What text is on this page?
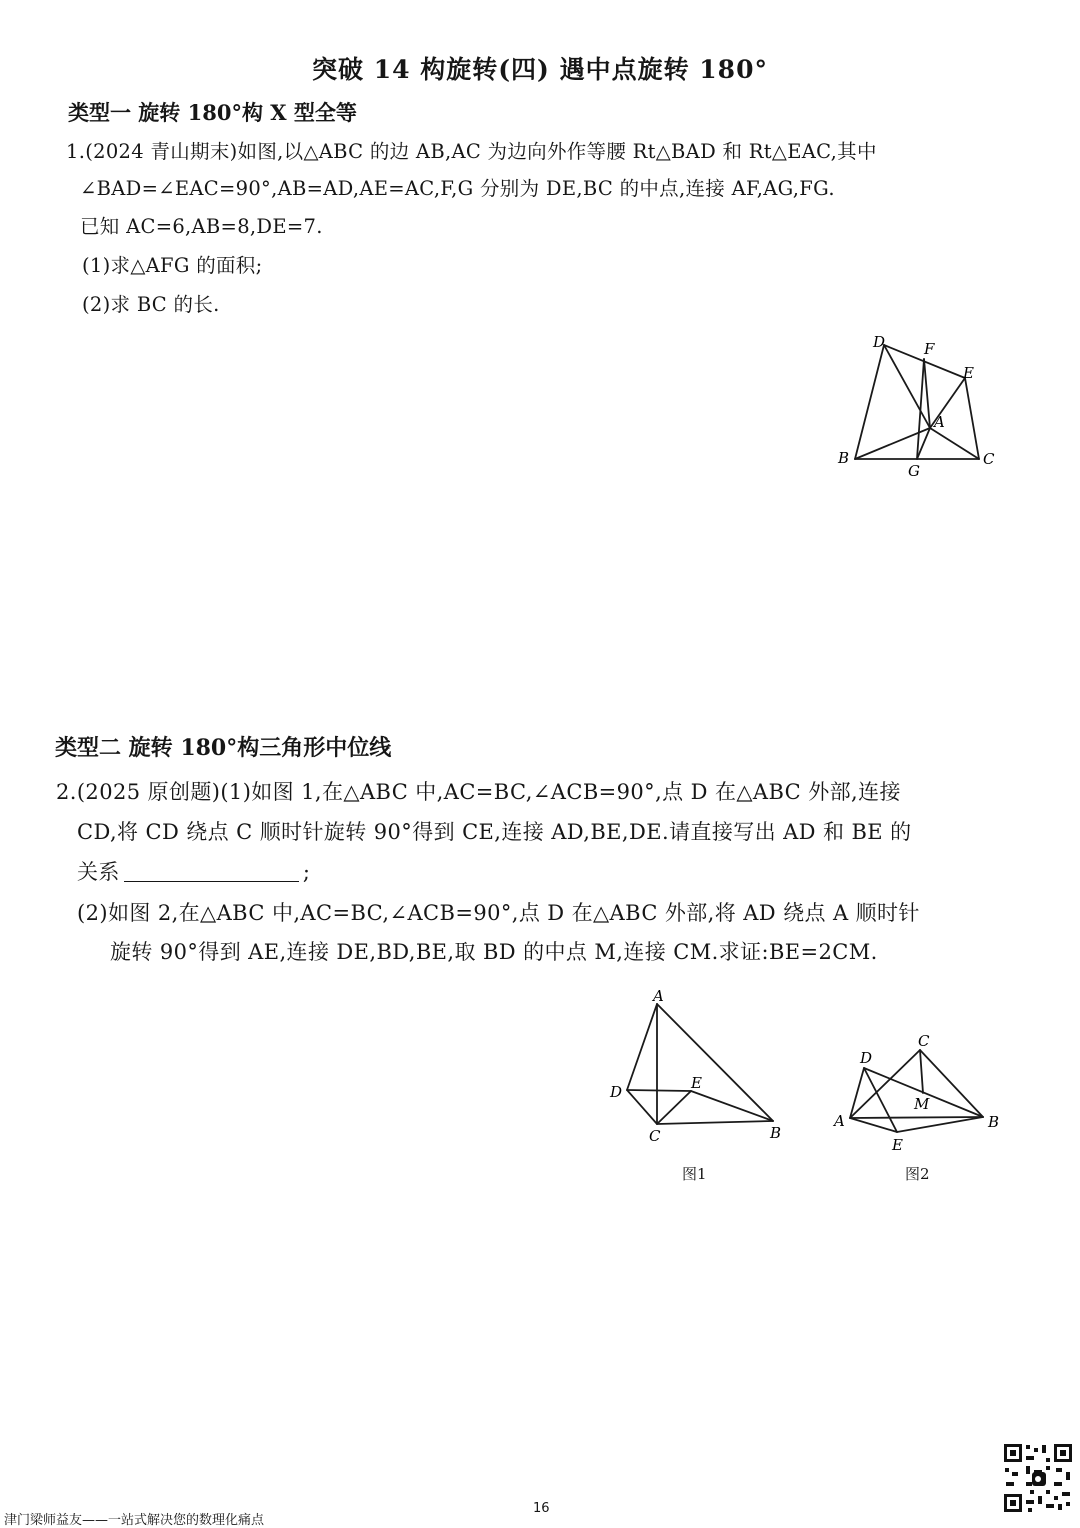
突破 14 构旋转(四) 遇中点旋转 180°
类型一 旋转 180°构 X 型全等
1.(2024 青山期末)如图,以△ABC 的边 AB,AC 为边向外作等腰 Rt△BAD 和 Rt△EAC,其中
∠BAD=∠EAC=90°,AB=AD,AE=AC,F,G 分别为 DE,BC 的中点,连接 AF,AG,FG.
已知 AC=6,AB=8,DE=7.
(1)求△AFG 的面积;
(2)求 BC 的长.
D	F
E
A
B
G
C
类型二 旋转 180°构三角形中位线
2.(2025 原创题)(1)如图 1,在△ABC 中,AC=BC,∠ACB=90°,点 D 在△ABC 外部,连接
CD,将 CD 绕点 C 顺时针旋转 90°得到 CE,连接 AD,BE,DE.请直接写出 AD 和 BE 的
关系	;
(2)如图 2,在△ABC 中,AC=BC,∠ACB=90°,点 D 在△ABC 外部,将 AD 绕点 A 顺时针
旋转 90°得到 AE,连接 DE,BD,BE,取 BD 的中点 M,连接 CM.求证:BE=2CM.
A
D	E
C	B
图1
D
C
M
A	B
E
图2
16
津门梁师益友——一站式解决您的数理化痛点
